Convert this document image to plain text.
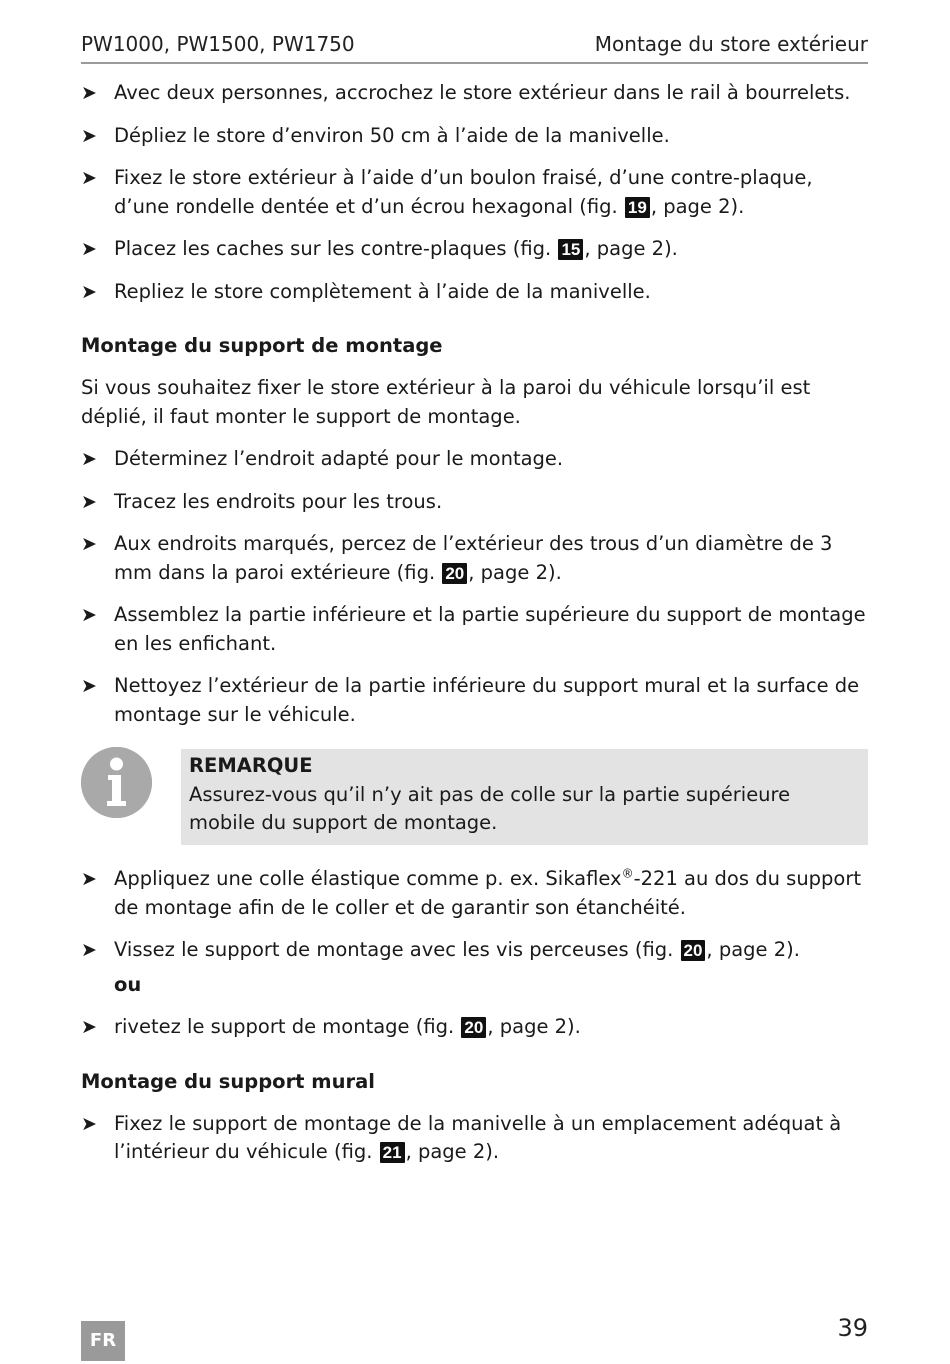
PW1000, PW1500, PW1750	Montage du store extérieur
➤ Avec deux personnes, accrochez le store extérieur dans le rail à bourrelets.
➤ Dépliez le store d’environ 50 cm à l’aide de la manivelle.
➤ Fixez le store extérieur à l’aide d’un boulon fraisé, d’une contre-plaque, d’une rondelle dentée et d’un écrou hexagonal (fig. 19 , page 2).
➤ Placez les caches sur les contre-plaques (fig. 15 , page 2).
➤ Repliez le store complètement à l’aide de la manivelle.
Montage du support de montage

Si vous souhaitez fixer le store extérieur à la paroi du véhicule lorsqu’il est déplié, il faut monter le support de montage.

➤ Déterminez l’endroit adapté pour le montage.
➤ Tracez les endroits pour les trous.
➤ Aux endroits marqués, percez de l’extérieur des trous d’un diamètre de 3 mm dans la paroi extérieure (fig. 20 , page 2).
➤ Assemblez la partie inférieure et la partie supérieure du support de montage en les enfichant.
➤ Nettoyez l’extérieur de la partie inférieure du support mural et la surface de montage sur le véhicule.
REMARQUE
Assurez-vous qu’il n’y ait pas de colle sur la partie supérieure mobile du support de montage.
➤ Appliquez une colle élastique comme p. ex. Sikaflex®-221 au dos du support de montage afin de le coller et de garantir son étanchéité.
➤ Vissez le support de montage avec les vis perceuses (fig. 20 , page 2).
ou
➤ rivetez le support de montage (fig. 20 , page 2).
Montage du support mural
➤ Fixez le support de montage de la manivelle à un emplacement adéquat à l’intérieur du véhicule (fig. 21 , page 2).
FR	39
